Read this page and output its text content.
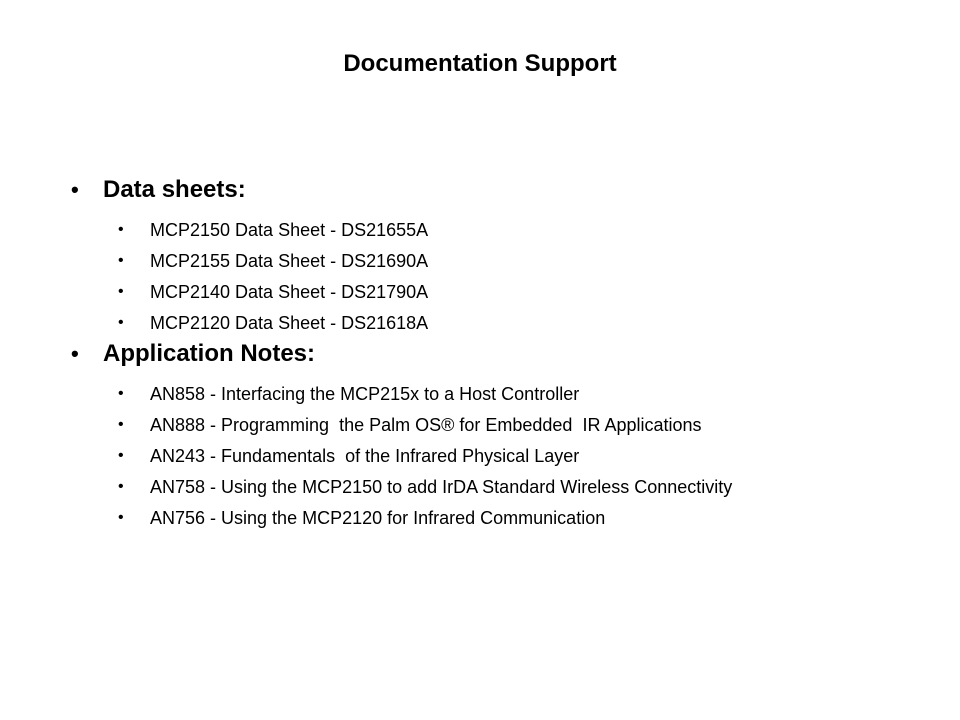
Documentation Support
• Data sheets:
• MCP2150 Data Sheet - DS21655A
• MCP2155 Data Sheet - DS21690A
• MCP2140 Data Sheet - DS21790A
• MCP2120 Data Sheet - DS21618A
• Application Notes:
• AN858 - Interfacing the MCP215x to a Host Controller
• AN888 - Programming  the Palm OS® for Embedded  IR Applications
• AN243 - Fundamentals  of the Infrared Physical Layer
• AN758 - Using the MCP2150 to add IrDA Standard Wireless Connectivity
• AN756 - Using the MCP2120 for Infrared Communication
